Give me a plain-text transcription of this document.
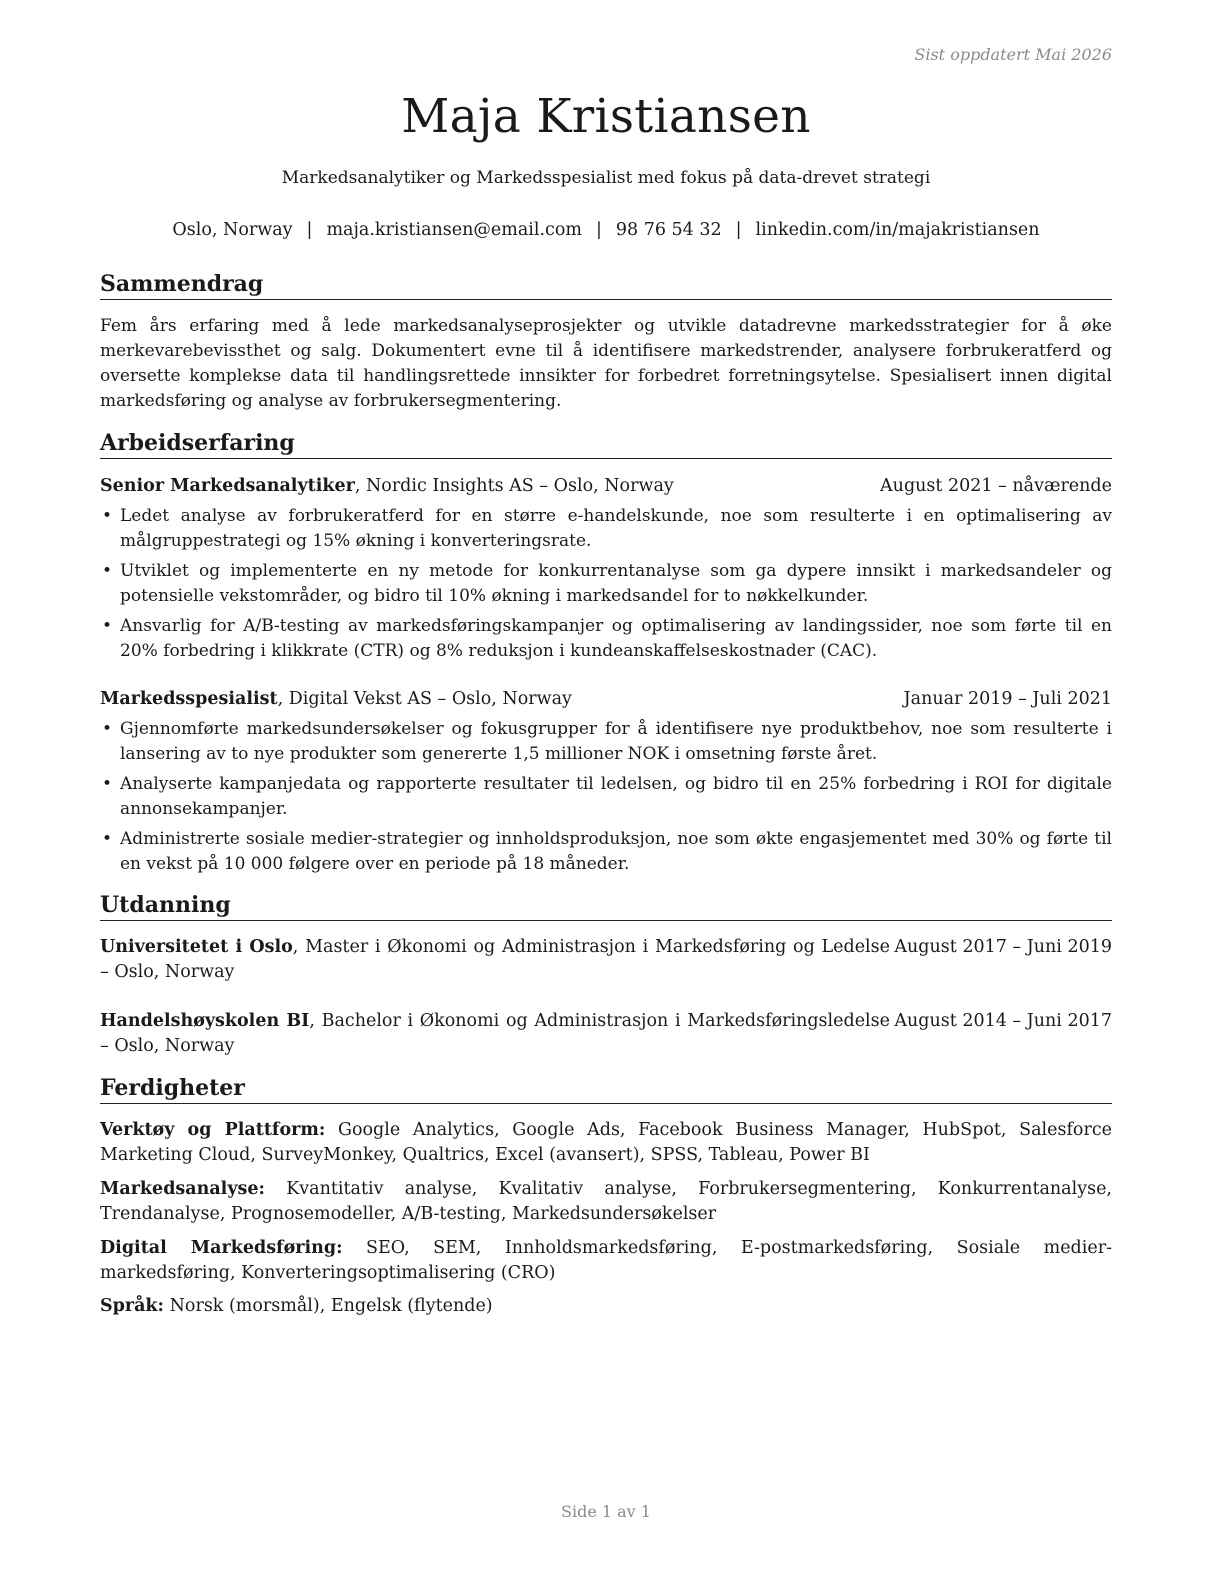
Sist oppdatert Mai 2026
Maja Kristiansen
Markedsanalytiker og Markedsspesialist med fokus på data-drevet strategi
Oslo, Norway | maja.kristiansen@email.com | 98 76 54 32 | linkedin.com/in/majakristiansen
Sammendrag
Fem års erfaring med å lede markedsanalyseprosjekter og utvikle datadrevne markedsstrategier for å øke merkevarebevissthet og salg. Dokumentert evne til å identifisere markedstrender, analysere forbrukeratferd og oversette komplekse data til handlingsrettede innsikter for forbedret forretningsytelse. Spesialisert innen digital markedsføring og analyse av forbrukersegmentering.
Arbeidserfaring
Senior Markedsanalytiker, Nordic Insights AS – Oslo, Norway	August 2021 – nåværende
• Ledet analyse av forbrukeratferd for en større e-handelskunde, noe som resulterte i en optimalisering av målgruppestrategi og 15% økning i konverteringsrate.
• Utviklet og implementerte en ny metode for konkurrentanalyse som ga dypere innsikt i markedsandeler og potensielle vekstområder, og bidro til 10% økning i markedsandel for to nøkkelkunder.
• Ansvarlig for A/B-testing av markedsføringskampanjer og optimalisering av landingssider, noe som førte til en 20% forbedring i klikkrate (CTR) og 8% reduksjon i kundeanskaffelseskostnader (CAC).
Markedsspesialist, Digital Vekst AS – Oslo, Norway	Januar 2019 – Juli 2021
• Gjennomførte markedsundersøkelser og fokusgrupper for å identifisere nye produktbehov, noe som resulterte i lansering av to nye produkter som genererte 1,5 millioner NOK i omsetning første året.
• Analyserte kampanjedata og rapporterte resultater til ledelsen, og bidro til en 25% forbedring i ROI for digitale annonsekampanjer.
• Administrerte sosiale medier-strategier og innholdsproduksjon, noe som økte engasjementet med 30% og førte til en vekst på 10 000 følgere over en periode på 18 måneder.
Utdanning
Universitetet i Oslo, Master i Økonomi og Administrasjon i Markedsføring og Ledelse – Oslo, Norway
August 2017 – Juni 2019
Handelshøyskolen BI, Bachelor i Økonomi og Administrasjon i Markedsføringsledelse – Oslo, Norway
August 2014 – Juni 2017
Ferdigheter
Verktøy og Plattform: Google Analytics, Google Ads, Facebook Business Manager, HubSpot, Salesforce Marketing Cloud, SurveyMonkey, Qualtrics, Excel (avansert), SPSS, Tableau, Power BI
Markedsanalyse: Kvantitativ analyse, Kvalitativ analyse, Forbrukersegmentering, Konkurrentanalyse, Trendanalyse, Prognosemodeller, A/B-testing, Markedsundersøkelser
Digital Markedsføring: SEO, SEM, Innholdsmarkedsføring, E-postmarkedsføring, Sosiale medier-markedsføring, Konverteringsoptimalisering (CRO)
Språk: Norsk (morsmål), Engelsk (flytende)
Side 1 av 1
